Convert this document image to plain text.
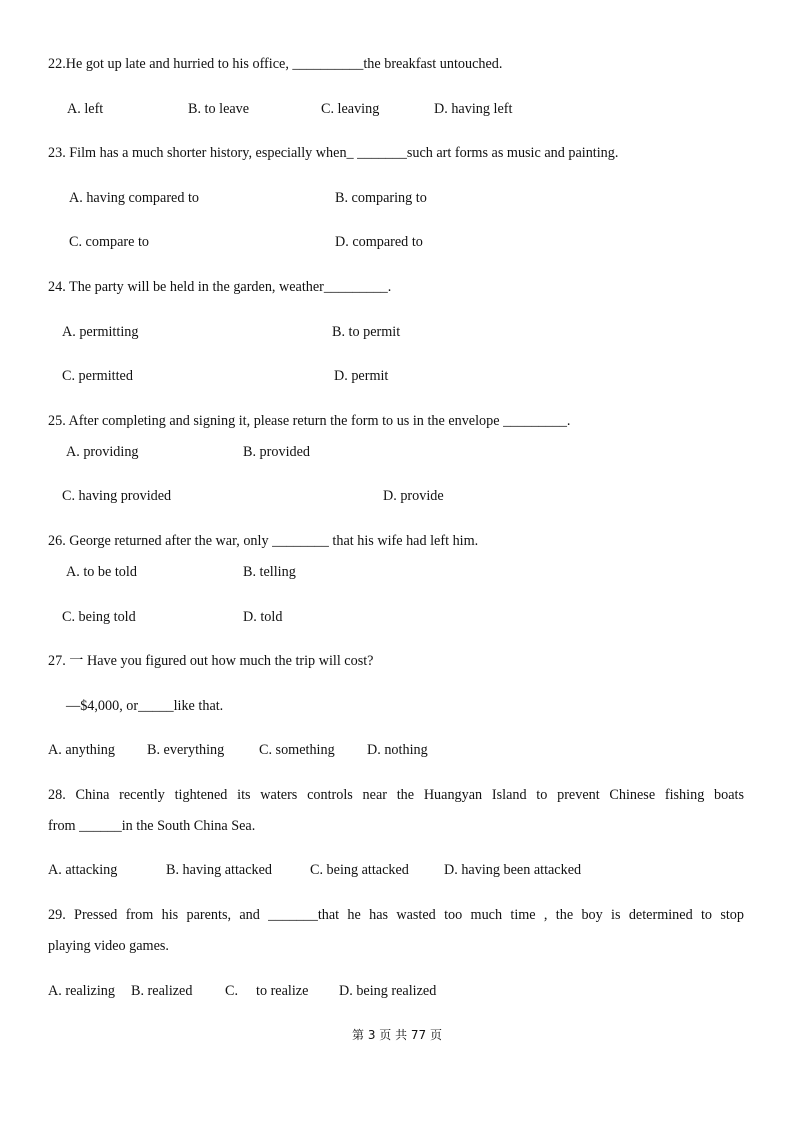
22.He got up late and hurried to his office, __________the breakfast untouched.
A. left	B. to leave	C. leaving	D. having left
23. Film has a much shorter history, especially when_ _______such art forms as music and painting.
A. having compared to	B. comparing to
C. compare to	D. compared to
24. The party will be held in the garden, weather_________.
A. permitting	B. to permit
C. permitted	D. permit
25. After completing and signing it, please return the form to us in the envelope _________.
A. providing	B. provided
C. having provided	D. provide
26. George returned after the war, only ________ that his wife had left him.
A. to be told	B. telling
C. being told	D. told
27. 一 Have you figured out how much the trip will cost?
—$4,000, or_____like that.
A. anything B. everything C. something D. nothing
28. China recently tightened its waters controls near the Huangyan Island to prevent Chinese fishing boats
from ______in the South China Sea.
A. attacking	B. having attacked	C. being attacked D. having been attacked
29. Pressed from his parents, and _______that he has wasted too much time , the boy is determined to stop
playing video games.
A. realizing B. realized C. to realize D. being realized
第 3 页 共 77 页
